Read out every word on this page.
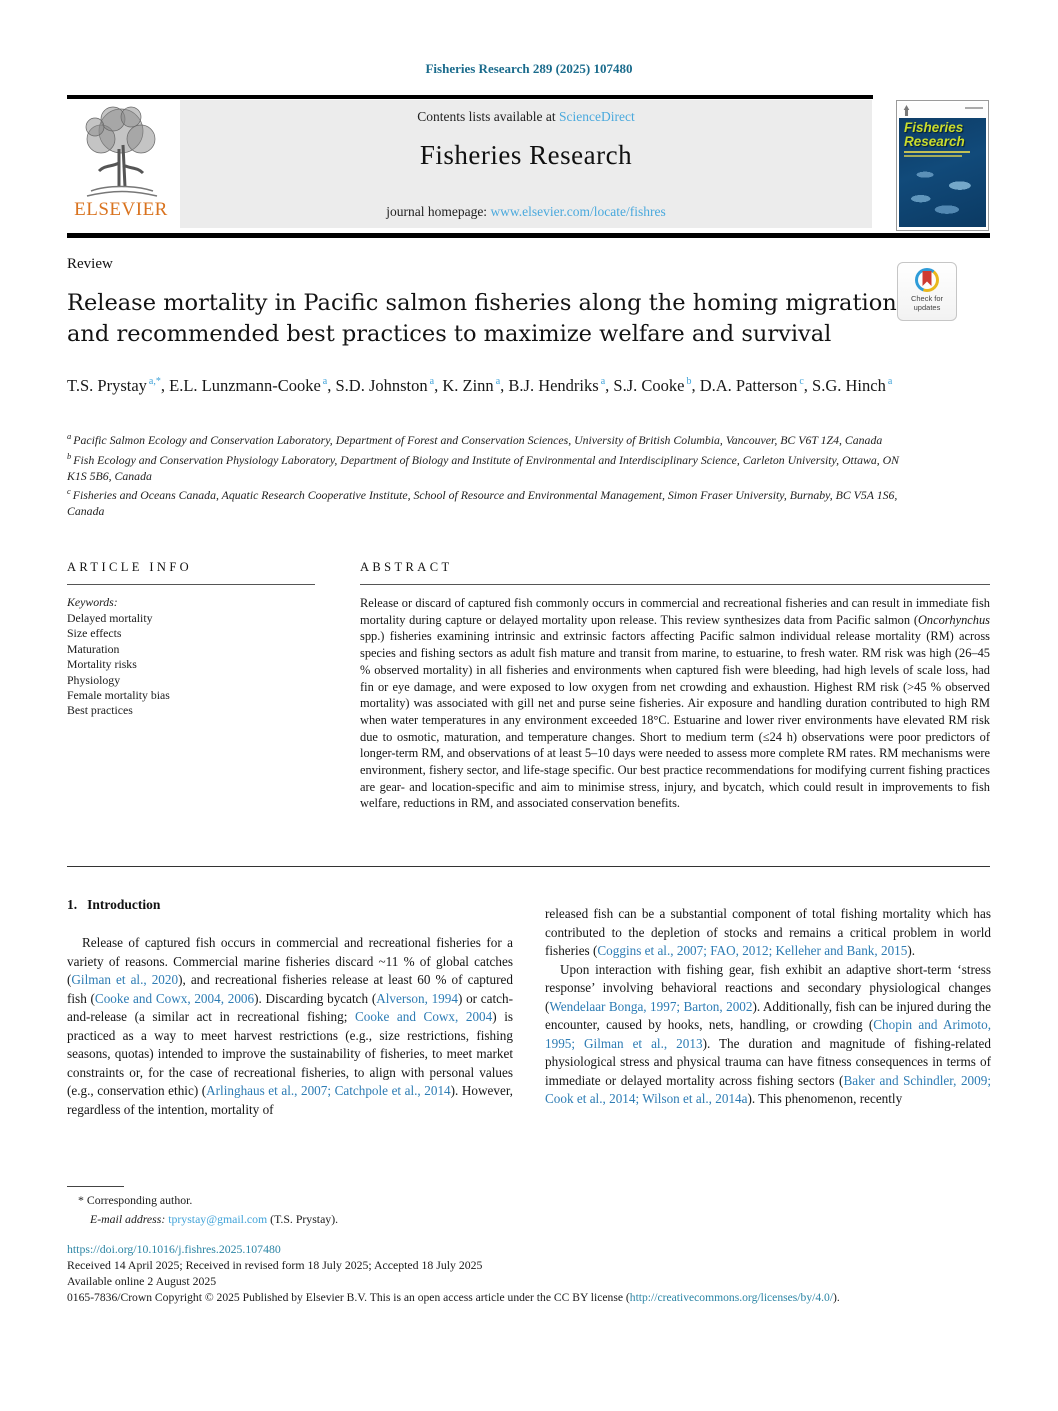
Fisheries Research 289 (2025) 107480
ELSEVIER
Contents lists available at ScienceDirect
Fisheries Research
journal homepage: www.elsevier.com/locate/fishres
Fisheries
Research
Review
Check for
updates
Release mortality in Pacific salmon fisheries along the homing migration and recommended best practices to maximize welfare and survival
T.S. Prystay $^{a,*}$, E.L. Lunzmann-Cooke $^a$, S.D. Johnston $^a$, K. Zinn $^a$, B.J. Hendriks $^a$, S.J. Cooke $^b$, D.A. Patterson $^c$, S.G. Hinch $^a$
$^a$ Pacific Salmon Ecology and Conservation Laboratory, Department of Forest and Conservation Sciences, University of British Columbia, Vancouver, BC V6T 1Z4, Canada
$^b$ Fish Ecology and Conservation Physiology Laboratory, Department of Biology and Institute of Environmental and Interdisciplinary Science, Carleton University, Ottawa, ON K1S 5B6, Canada
$^c$ Fisheries and Oceans Canada, Aquatic Research Cooperative Institute, School of Resource and Environmental Management, Simon Fraser University, Burnaby, BC V5A 1S6, Canada
ARTICLE INFO
Keywords:
Delayed mortality
Size effects
Maturation
Mortality risks
Physiology
Female mortality bias
Best practices
ABSTRACT
Release or discard of captured fish commonly occurs in commercial and recreational fisheries and can result in immediate fish mortality during capture or delayed mortality upon release. This review synthesizes data from Pacific salmon (Oncorhynchus spp.) fisheries examining intrinsic and extrinsic factors affecting Pacific salmon individual release mortality (RM) across species and fishing sectors as adult fish mature and transit from marine, to estuarine, to fresh water. RM risk was high (26–45 % observed mortality) in all fisheries and environments when captured fish were bleeding, had high levels of scale loss, had fin or eye damage, and were exposed to low oxygen from net crowding and exhaustion. Highest RM risk (>45 % observed mortality) was associated with gill net and purse seine fisheries. Air exposure and handling duration contributed to high RM when water temperatures in any environment exceeded 18°C. Estuarine and lower river environments have elevated RM risk due to osmotic, maturation, and temperature changes. Short to medium term (≤24 h) observations were poor predictors of longer-term RM, and observations of at least 5–10 days were needed to assess more complete RM rates. RM mechanisms were environment, fishery sector, and life-stage specific. Our best practice recommendations for modifying current fishing practices are gear- and location-specific and aim to minimise stress, injury, and bycatch, which could result in improvements to fish welfare, reductions in RM, and associated conservation benefits.
1. Introduction

Release of captured fish occurs in commercial and recreational fisheries for a variety of reasons. Commercial marine fisheries discard ~11 % of global catches (Gilman et al., 2020), and recreational fisheries release at least 60 % of captured fish (Cooke and Cowx, 2004, 2006). Discarding bycatch (Alverson, 1994) or catch-and-release (a similar act in recreational fishing; Cooke and Cowx, 2004) is practiced as a way to meet harvest restrictions (e.g., size restrictions, fishing seasons, quotas) intended to improve the sustainability of fisheries, to meet market constraints or, for the case of recreational fisheries, to align with personal values (e.g., conservation ethic) (Arlinghaus et al., 2007; Catchpole et al., 2014). However, regardless of the intention, mortality of

released fish can be a substantial component of total fishing mortality which has contributed to the depletion of stocks and remains a critical problem in world fisheries (Coggins et al., 2007; FAO, 2012; Kelleher and Bank, 2015).

Upon interaction with fishing gear, fish exhibit an adaptive short-term ‘stress response’ involving behavioral reactions and secondary physiological changes (Wendelaar Bonga, 1997; Barton, 2002). Additionally, fish can be injured during the encounter, caused by hooks, nets, handling, or crowding (Chopin and Arimoto, 1995; Gilman et al., 2013). The duration and magnitude of fishing-related physiological stress and physical trauma can have fitness consequences in terms of immediate or delayed mortality across fishing sectors (Baker and Schindler, 2009; Cook et al., 2014; Wilson et al., 2014a). This phenomenon, recently

* Corresponding author.
E-mail address: tprystay@gmail.com (T.S. Prystay).
https://doi.org/10.1016/j.fishres.2025.107480
Received 14 April 2025; Received in revised form 18 July 2025; Accepted 18 July 2025
Available online 2 August 2025
0165-7836/Crown Copyright © 2025 Published by Elsevier B.V. This is an open access article under the CC BY license (http://creativecommons.org/licenses/by/4.0/).
